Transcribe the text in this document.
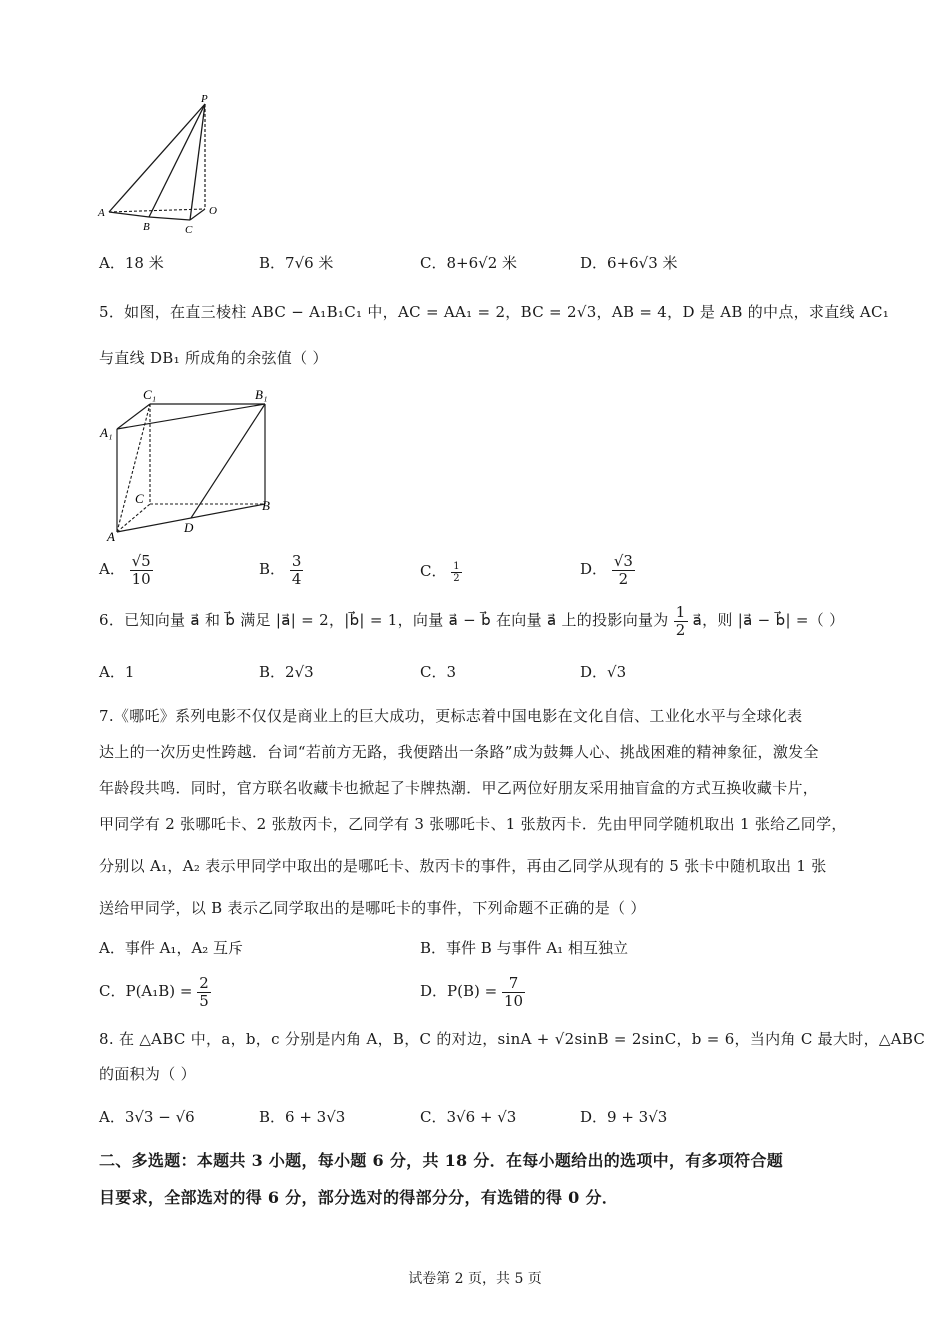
P
A
B	C
O
A．18 米	B．7√6 米	C．8+6√2 米	D．6+6√3 米
5．如图，在直三棱柱 ABC − A₁B₁C₁ 中，AC = AA₁ = 2，BC = 2√3，AB = 4，D 是 AB 的中点，求直线 AC₁
与直线 DB₁ 所成角的余弦值（ ）
C₁	B₁
A₁
C	B
A
D
A． $\frac{√5}{10}$	B． $\frac{3}{4}$	C． $\frac{1}{2}$	D． $\frac{√3}{2}$
6．已知向量 a⃗ 和 b⃗ 满足 |a⃗| = 2，|b⃗| = 1，向量 a⃗ − b⃗ 在向量 a⃗ 上的投影向量为 $\frac{1}{2}$ a⃗，则 |a⃗ − b⃗| =（ ）
A．1	B．2√3	C．3	D．√3
7.《哪吒》系列电影不仅仅是商业上的巨大成功，更标志着中国电影在文化自信、工业化水平与全球化表
达上的一次历史性跨越．台词“若前方无路，我便踏出一条路”成为鼓舞人心、挑战困难的精神象征，激发全
年龄段共鸣．同时，官方联名收藏卡也掀起了卡牌热潮．甲乙两位好朋友采用抽盲盒的方式互换收藏卡片，
甲同学有 2 张哪吒卡、2 张敖丙卡，乙同学有 3 张哪吒卡、1 张敖丙卡．先由甲同学随机取出 1 张给乙同学，
分别以 A₁，A₂ 表示甲同学中取出的是哪吒卡、敖丙卡的事件，再由乙同学从现有的 5 张卡中随机取出 1 张
送给甲同学，以 B 表示乙同学取出的是哪吒卡的事件，下列命题不正确的是（ ）
A．事件 A₁，A₂ 互斥	B．事件 B 与事件 A₁ 相互独立
C．$P(A_1B) = \frac{2}{5}$	D．$P(B) = \frac{7}{10}$
8. 在 △ABC 中，a，b，c 分别是内角 A，B，C 的对边，sinA + √2sinB = 2sinC，b = 6，当内角 C 最大时，△ABC
的面积为（ ）
A．3√3 − √6	B．6 + 3√3	C．3√6 + √3	D．9 + 3√3
二、多选题：本题共 3 小题，每小题 6 分，共 18 分．在每小题给出的选项中，有多项符合题
目要求，全部选对的得 6 分，部分选对的得部分分，有选错的得 0 分．
试卷第 2 页，共 5 页
